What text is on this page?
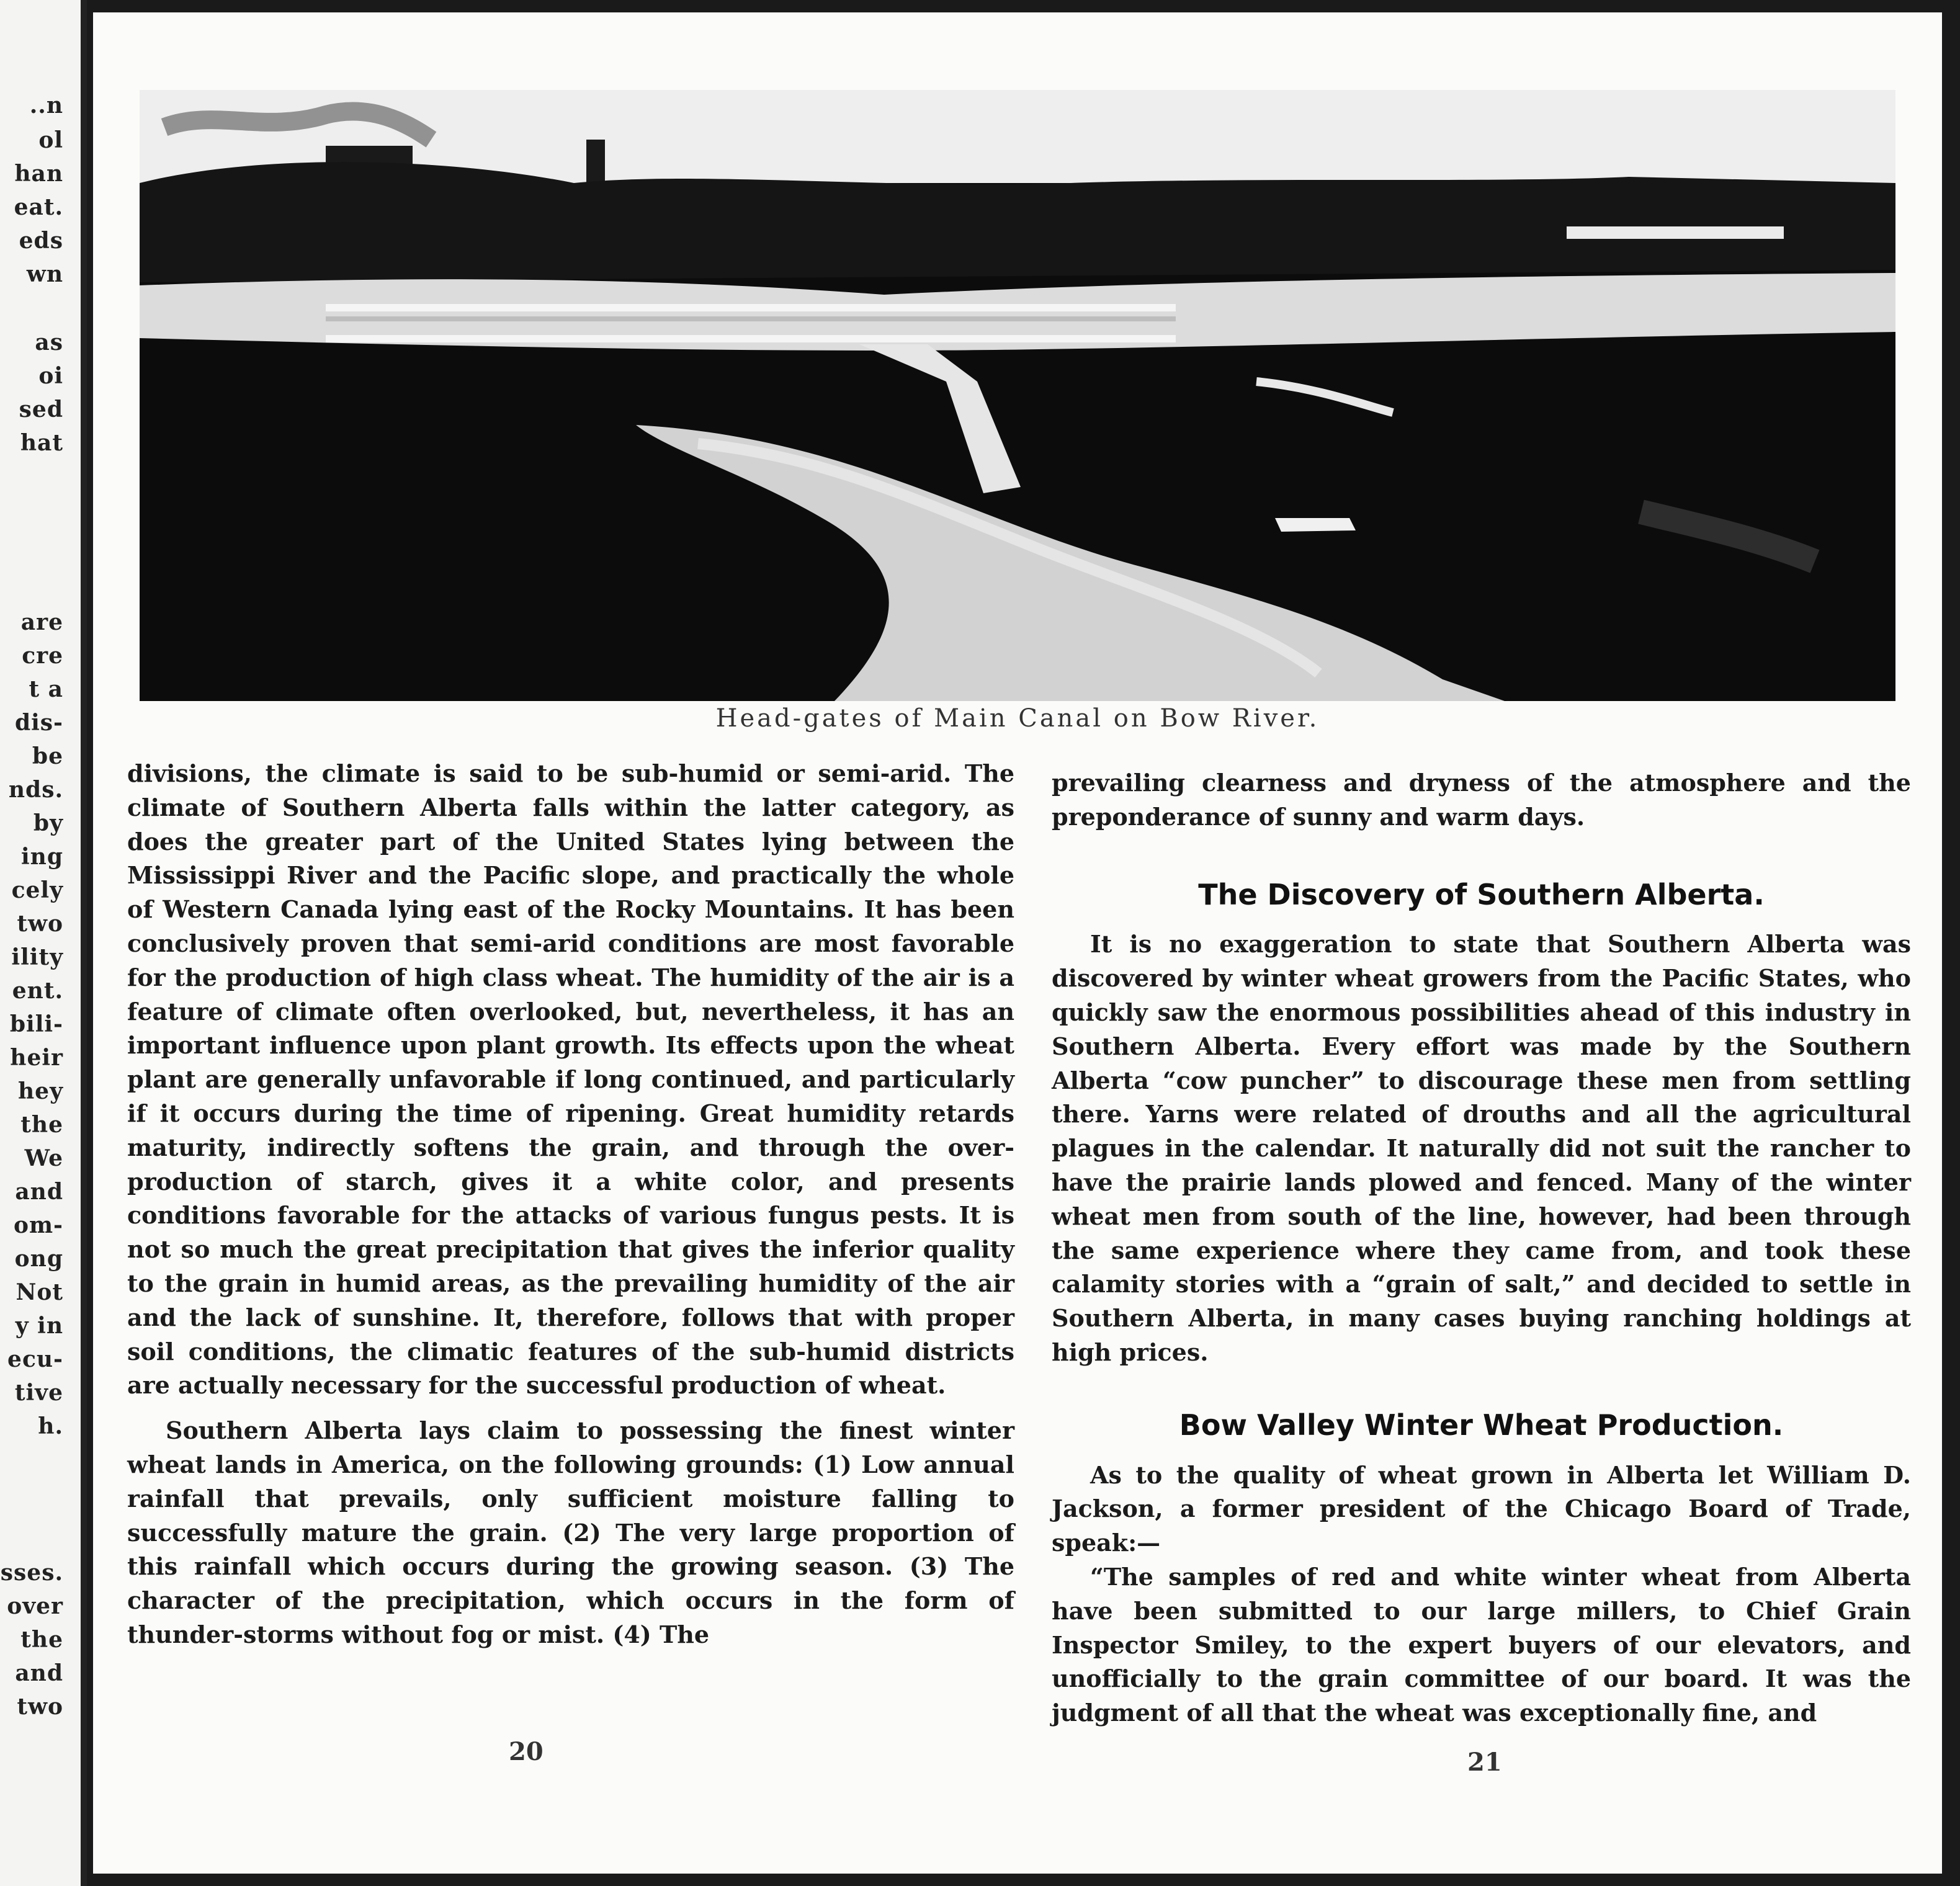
..n
ol
han
eat.
eds
wn
as
oi
sed
hat
are
cre
t a
dis-
be
nds.
by
ing
cely
two
ility
ent.
bili-
heir
hey
the
We
and
om-
ong
Not
y in
ecu-
tive
h.
sses.
over
the
and
two
Head-gates of Main Canal on Bow River.

divisions, the climate is said to be sub-humid or semi-arid. The climate of Southern Alberta falls within the latter category, as does the greater part of the United States lying between the Mississippi River and the Pacific slope, and practically the whole of Western Canada lying east of the Rocky Mountains. It has been conclusively proven that semi-arid conditions are most favorable for the production of high class wheat. The humidity of the air is a feature of climate often overlooked, but, nevertheless, it has an important influence upon plant growth. Its effects upon the wheat plant are generally unfavorable if long continued, and particularly if it occurs during the time of ripening. Great humidity retards maturity, indirectly softens the grain, and through the over-production of starch, gives it a white color, and presents conditions favorable for the attacks of various fungus pests. It is not so much the great precipitation that gives the inferior quality to the grain in humid areas, as the prevailing humidity of the air and the lack of sunshine. It, therefore, follows that with proper soil conditions, the climatic features of the sub-humid districts are actually necessary for the successful production of wheat.

Southern Alberta lays claim to possessing the finest winter wheat lands in America, on the following grounds: (1) Low annual rainfall that prevails, only sufficient moisture falling to successfully mature the grain. (2) The very large proportion of this rainfall which occurs during the growing season. (3) The character of the precipitation, which occurs in the form of thunder-storms without fog or mist. (4) The

20

prevailing clearness and dryness of the atmosphere and the preponderance of sunny and warm days.

The Discovery of Southern Alberta.

It is no exaggeration to state that Southern Alberta was discovered by winter wheat growers from the Pacific States, who quickly saw the enormous possibilities ahead of this industry in Southern Alberta. Every effort was made by the Southern Alberta “cow puncher” to discourage these men from settling there. Yarns were related of drouths and all the agricultural plagues in the calendar. It naturally did not suit the rancher to have the prairie lands plowed and fenced. Many of the winter wheat men from south of the line, however, had been through the same experience where they came from, and took these calamity stories with a “grain of salt,” and decided to settle in Southern Alberta, in many cases buying ranching holdings at high prices.

Bow Valley Winter Wheat Production.

As to the quality of wheat grown in Alberta let William D. Jackson, a former president of the Chicago Board of Trade, speak:—

“The samples of red and white winter wheat from Alberta have been submitted to our large millers, to Chief Grain Inspector Smiley, to the expert buyers of our elevators, and unofficially to the grain committee of our board. It was the judgment of all that the wheat was exceptionally fine, and

21
